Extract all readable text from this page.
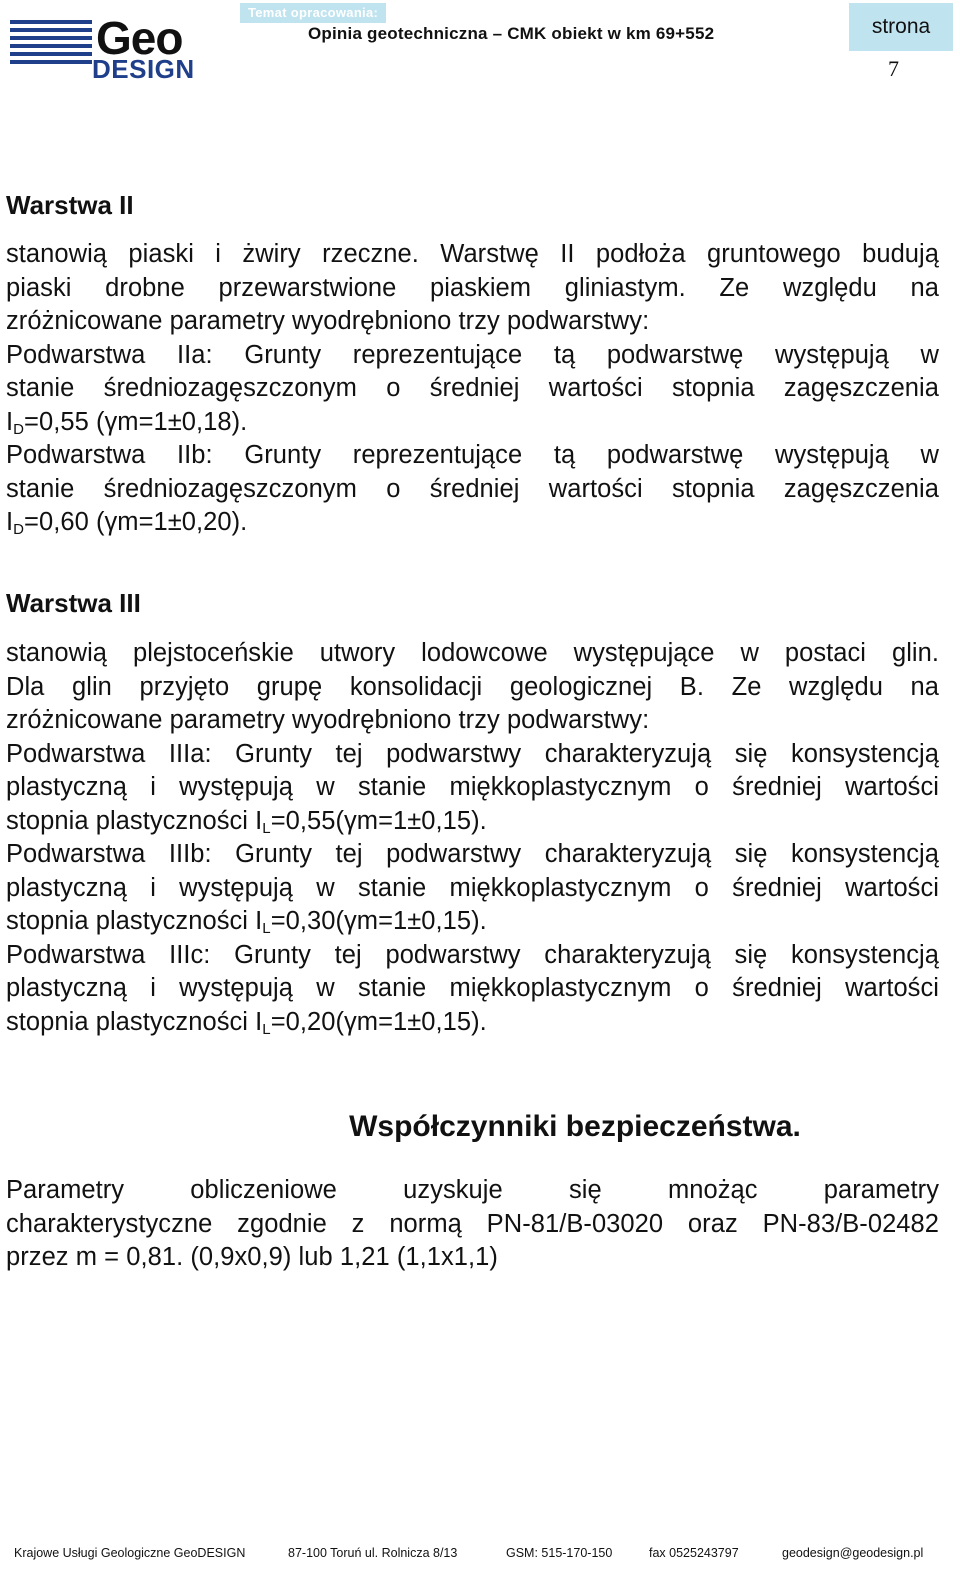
Geo
DESIGN
Temat opracowania:
Opinia geotechniczna – CMK obiekt w km 69+552	strona
7
Warstwa II
stanowią piaski i żwiry rzeczne. Warstwę II podłoża gruntowego budują
piaski drobne przewarstwione piaskiem gliniastym. Ze względu na
zróżnicowane parametry wyodrębniono trzy podwarstwy:
Podwarstwa IIa: Grunty reprezentujące tą podwarstwę występują w
stanie średniozagęszczonym o średniej wartości stopnia zagęszczenia
$I_D=0,55$ (γm=1±0,18).
Podwarstwa IIb: Grunty reprezentujące tą podwarstwę występują w
stanie średniozagęszczonym o średniej wartości stopnia zagęszczenia
$I_D=0,60$ (γm=1±0,20).
Warstwa III
stanowią plejstoceńskie utwory lodowcowe występujące w postaci glin.
Dla glin przyjęto grupę konsolidacji geologicznej B. Ze względu na
zróżnicowane parametry wyodrębniono trzy podwarstwy:
Podwarstwa IIIa: Grunty tej podwarstwy charakteryzują się konsystencją
plastyczną i występują w stanie miękkoplastycznym o średniej wartości
stopnia plastyczności $I_L=0,55(\gamma m=1\pm 0,15)$.
Podwarstwa IIIb: Grunty tej podwarstwy charakteryzują się konsystencją
plastyczną i występują w stanie miękkoplastycznym o średniej wartości
stopnia plastyczności $I_L=0,30(\gamma m=1\pm 0,15)$.
Podwarstwa IIIc: Grunty tej podwarstwy charakteryzują się konsystencją
plastyczną i występują w stanie miękkoplastycznym o średniej wartości
stopnia plastyczności $I_L=0,20(\gamma m=1\pm 0,15)$.
Współczynniki bezpieczeństwa.
Parametry obliczeniowe uzyskuje się mnożąc parametry
charakterystyczne zgodnie z normą PN-81/B-03020 oraz PN-83/B-02482
przez m = 0,81. (0,9x0,9) lub 1,21 (1,1x1,1)
Krajowe Usługi Geologiczne GeoDESIGN	87-100 Toruń ul. Rolnicza 8/13	GSM: 515-170-150	fax 0525243797	geodesign@geodesign.pl
